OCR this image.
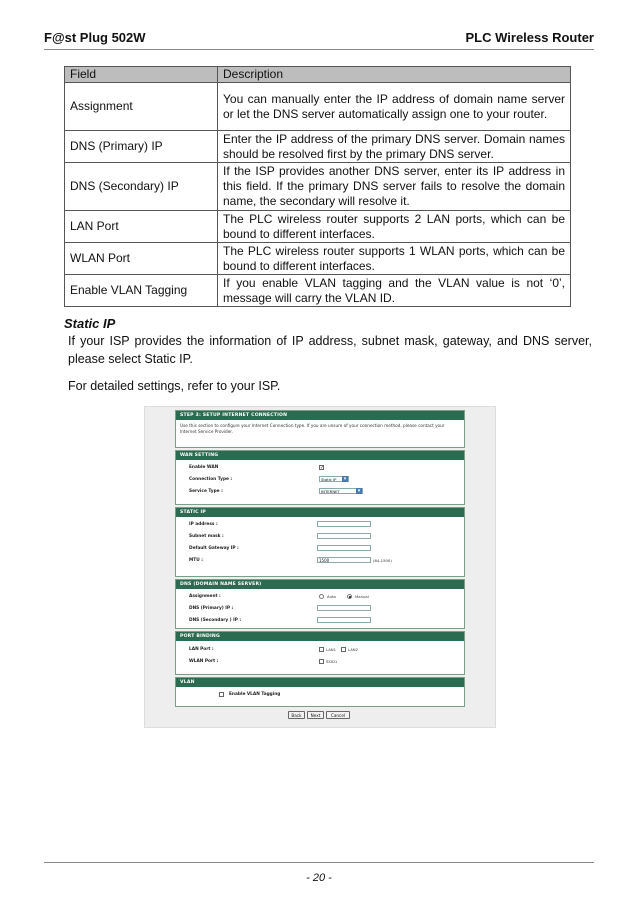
F@st Plug 502W	PLC Wireless Router
Field	Description
Assignment	You can manually enter the IP address of domain name server or let the DNS server automatically assign one to your router.
DNS (Primary) IP	Enter the IP address of the primary DNS server. Domain names should be resolved first by the primary DNS server.
DNS (Secondary) IP	If the ISP provides another DNS server, enter its IP address in this field. If the primary DNS server fails to resolve the domain name, the secondary will resolve it.
LAN Port	The PLC wireless router supports 2 LAN ports, which can be bound to different interfaces.
WLAN Port	The PLC wireless router supports 1 WLAN ports, which can be bound to different interfaces.
Enable VLAN Tagging	If you enable VLAN tagging and the VLAN value is not ‘0’, message will carry the VLAN ID.
Static IP
If your ISP provides the information of IP address, subnet mask, gateway, and DNS server, please select Static IP.
For detailed settings, refer to your ISP.
STEP 3: SETUP INTERNET CONNECTION
Use this section to configure your Internet Connection type. If you are unsure of your connection method, please contact your Internet Service Provider.
WAN SETTING
Enable WAN	✓
Connection Type :	Static IP ▾
Service Type :	INTERNET ▾
STATIC IP
IP address :
Subnet mask :
Default Gateway IP :
MTU :	1500	(64-1500)
DNS (DOMAIN NAME SERVER)
Assignment :	Auto	Manual
DNS (Primary) IP :
DNS (Secondary ) IP :
PORT BINDING
LAN Port :	LAN1	LAN2
WLAN Port :	SSID1
VLAN
Enable VLAN Tagging
Back	Next	Cancel
- 20 -
